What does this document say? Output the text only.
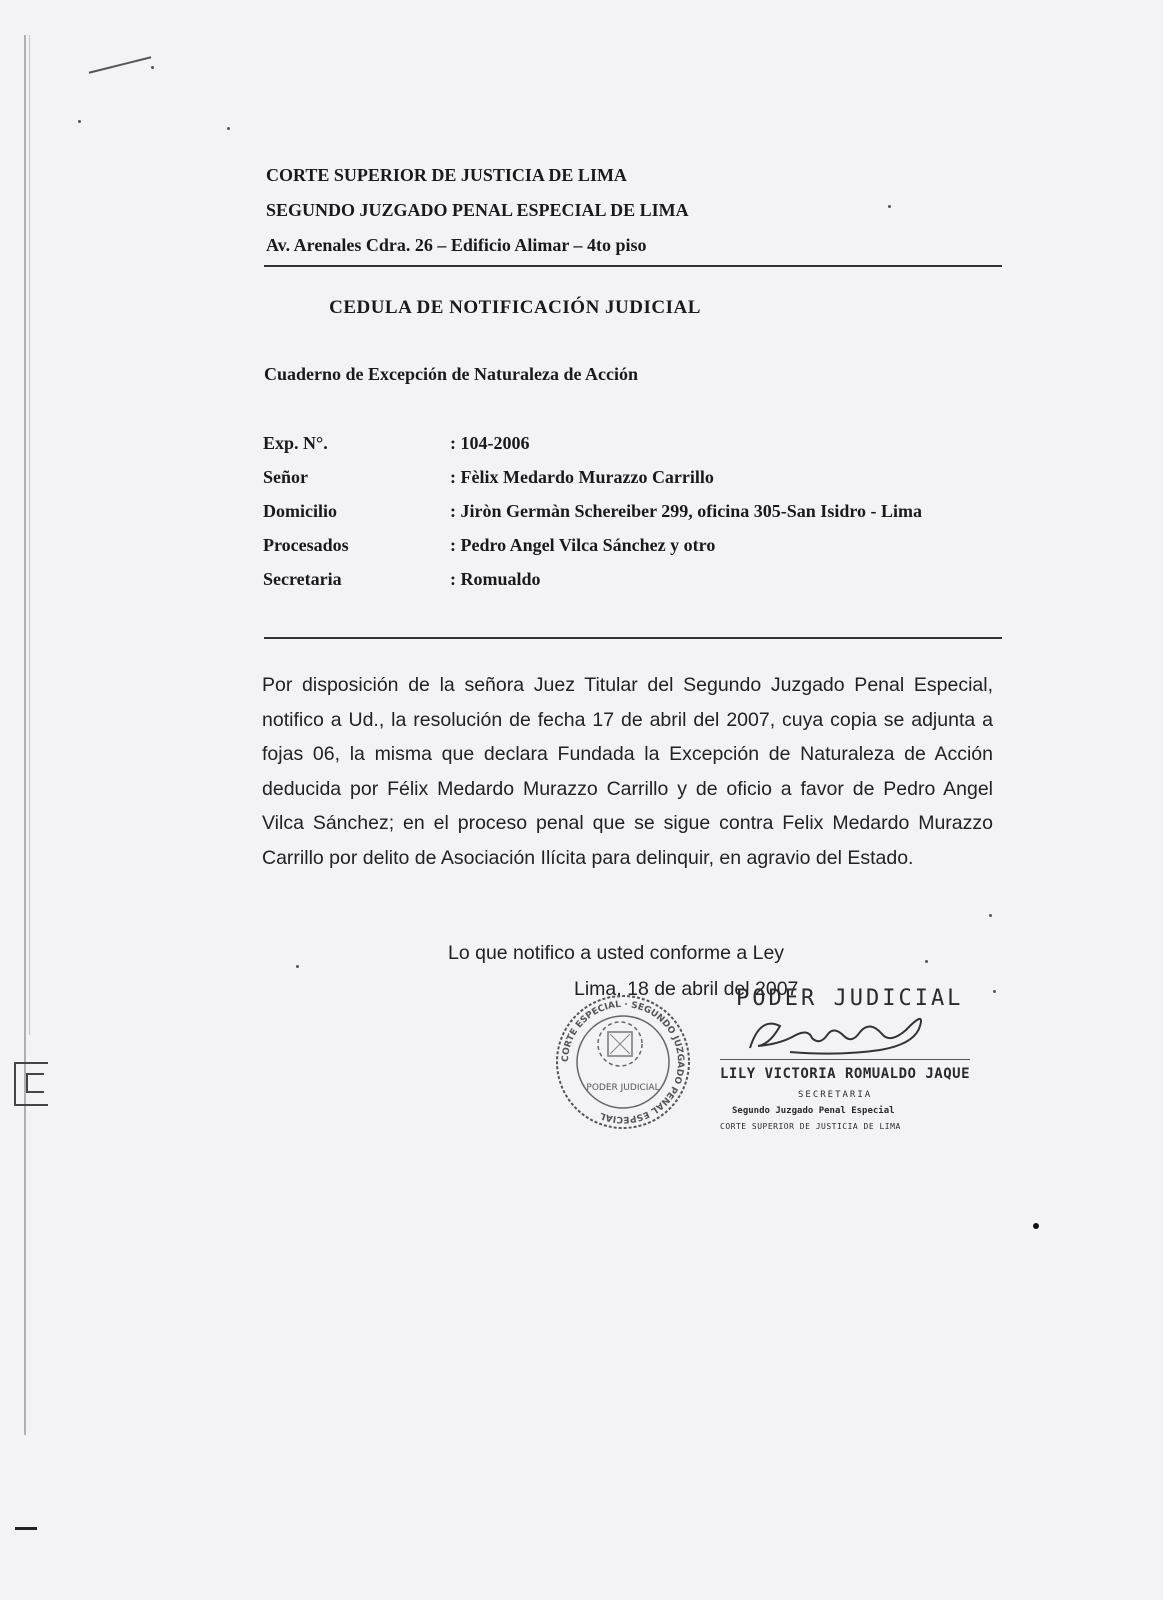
CORTE SUPERIOR DE JUSTICIA DE LIMA
SEGUNDO JUZGADO PENAL ESPECIAL DE LIMA
Av. Arenales Cdra. 26 – Edificio Alimar – 4to piso
CEDULA DE NOTIFICACIÓN JUDICIAL
Cuaderno de Excepción de Naturaleza de Acción
Exp. N°.	: 104-2006
Señor	: Fèlix Medardo Murazzo Carrillo
Domicilio	: Jiròn Germàn Schereiber 299, oficina 305-San Isidro - Lima
Procesados	: Pedro Angel Vilca Sánchez y otro
Secretaria	: Romualdo
Por disposición de la señora Juez Titular del Segundo Juzgado Penal Especial, notifico a Ud., la resolución de fecha 17 de abril del 2007, cuya copia se adjunta a fojas 06, la misma que declara Fundada la Excepción de Naturaleza de Acción deducida por Félix Medardo Murazzo Carrillo y de oficio a favor de Pedro Angel Vilca Sánchez; en el proceso penal que se sigue contra Felix Medardo Murazzo Carrillo por delito de Asociación Ilícita para delinquir, en agravio del Estado.
Lo que notifico a usted conforme a Ley
Lima, 18 de abril del 2007
CORTE ESPECIAL · SEGUNDO JUZGADO PENAL ESPECIAL
PODER JUDICIAL
PODER JUDICIAL
LILY VICTORIA ROMUALDO JAQUE
SECRETARIA
Segundo Juzgado Penal Especial
CORTE SUPERIOR DE JUSTICIA DE LIMA
